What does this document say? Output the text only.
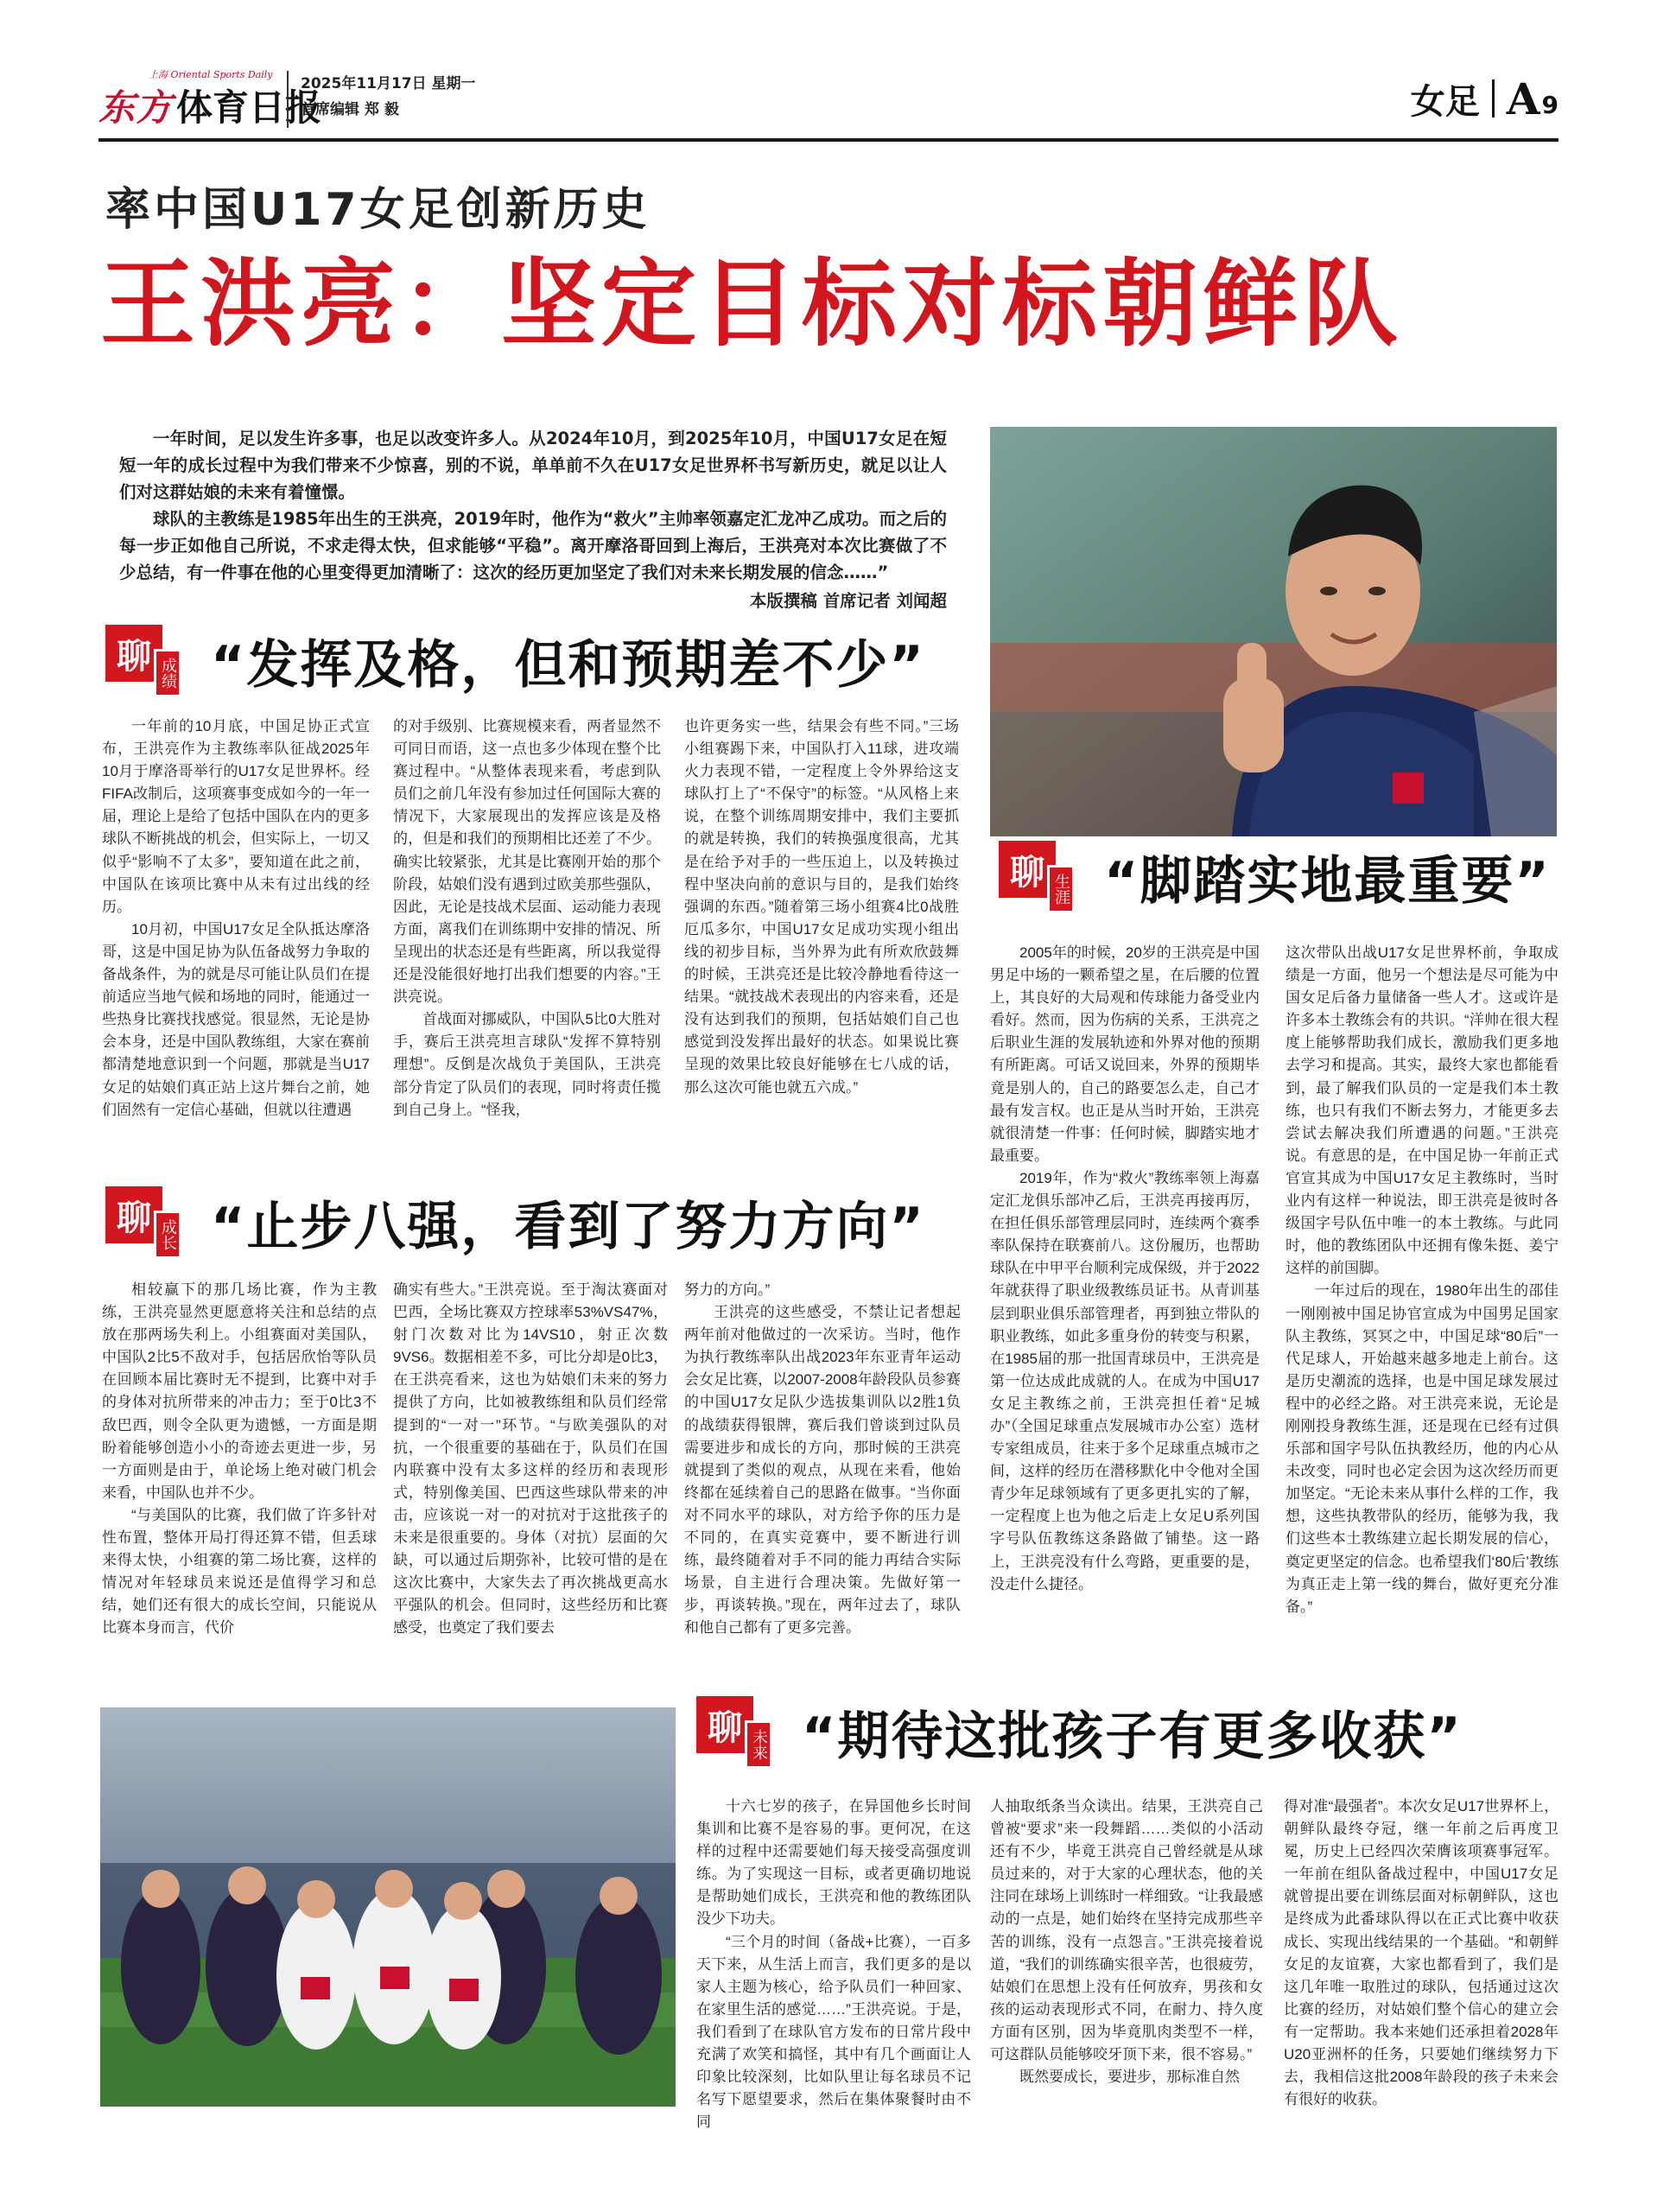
上海 Oriental Sports Daily
东方 体育日报
2025年11月17日 星期一
首席编辑 郑 毅	女足 A 9
率中国U17女足创新历史
王洪亮：坚定目标对标朝鲜队

一年时间，足以发生许多事，也足以改变许多人。从2024年10月，到2025年10月，中国U17女足在短短一年的成长过程中为我们带来不少惊喜，别的不说，单单前不久在U17女足世界杯书写新历史，就足以让人们对这群姑娘的未来有着憧憬。

球队的主教练是1985年出生的王洪亮，2019年时，他作为“救火”主帅率领嘉定汇龙冲乙成功。而之后的每一步正如他自己所说，不求走得太快，但求能够“平稳”。离开摩洛哥回到上海后，王洪亮对本次比赛做了不少总结，有一件事在他的心里变得更加清晰了：这次的经历更加坚定了我们对未来长期发展的信念……”

本版撰稿 首席记者 刘闻超
聊 成绩 “发挥及格，但和预期差不少”

一年前的10月底，中国足协正式宣布，王洪亮作为主教练率队征战2025年10月于摩洛哥举行的U17女足世界杯。经FIFA改制后，这项赛事变成如今的一年一届，理论上是给了包括中国队在内的更多球队不断挑战的机会，但实际上，一切又似乎“影响不了太多”，要知道在此之前，中国队在该项比赛中从未有过出线的经历。

10月初，中国U17女足全队抵达摩洛哥，这是中国足协为队伍备战努力争取的备战条件，为的就是尽可能让队员们在提前适应当地气候和场地的同时，能通过一些热身比赛找找感觉。很显然，无论是协会本身，还是中国队教练组，大家在赛前都清楚地意识到一个问题，那就是当U17女足的姑娘们真正站上这片舞台之前，她们固然有一定信心基础，但就以往遭遇

的对手级别、比赛规模来看，两者显然不可同日而语，这一点也多少体现在整个比赛过程中。“从整体表现来看，考虑到队员们之前几年没有参加过任何国际大赛的情况下，大家展现出的发挥应该是及格的，但是和我们的预期相比还差了不少。确实比较紧张，尤其是比赛刚开始的那个阶段，姑娘们没有遇到过欧美那些强队，因此，无论是技战术层面、运动能力表现方面，离我们在训练期中安排的情况、所呈现出的状态还是有些距离，所以我觉得还是没能很好地打出我们想要的内容。”王洪亮说。

首战面对挪威队，中国队5比0大胜对手，赛后王洪亮坦言球队“发挥不算特别理想”。反倒是次战负于美国队，王洪亮部分肯定了队员们的表现，同时将责任揽到自己身上。“怪我，

也许更务实一些，结果会有些不同。”三场小组赛踢下来，中国队打入11球，进攻端火力表现不错，一定程度上令外界给这支球队打上了“不保守”的标签。“从风格上来说，在整个训练周期安排中，我们主要抓的就是转换，我们的转换强度很高，尤其是在给予对手的一些压迫上，以及转换过程中坚决向前的意识与目的，是我们始终强调的东西。”随着第三场小组赛4比0战胜厄瓜多尔，中国U17女足成功实现小组出线的初步目标，当外界为此有所欢欣鼓舞的时候，王洪亮还是比较冷静地看待这一结果。“就技战术表现出的内容来看，还是没有达到我们的预期，包括姑娘们自己也感觉到没发挥出最好的状态。如果说比赛呈现的效果比较良好能够在七八成的话，那么这次可能也就五六成。”

聊 生涯 “脚踏实地最重要”

2005年的时候，20岁的王洪亮是中国男足中场的一颗希望之星，在后腰的位置上，其良好的大局观和传球能力备受业内看好。然而，因为伤病的关系，王洪亮之后职业生涯的发展轨迹和外界对他的预期有所距离。可话又说回来，外界的预期毕竟是别人的，自己的路要怎么走，自己才最有发言权。也正是从当时开始，王洪亮就很清楚一件事：任何时候，脚踏实地才最重要。

2019年，作为“救火”教练率领上海嘉定汇龙俱乐部冲乙后，王洪亮再接再厉，在担任俱乐部管理层同时，连续两个赛季率队保持在联赛前八。这份履历，也帮助球队在中甲平台顺利完成保级，并于2022年就获得了职业级教练员证书。从青训基层到职业俱乐部管理者，再到独立带队的职业教练，如此多重身份的转变与积累，在1985届的那一批国青球员中，王洪亮是第一位达成此成就的人。在成为中国U17女足主教练之前，王洪亮担任着“足城办”（全国足球重点发展城市办公室）选材专家组成员，往来于多个足球重点城市之间，这样的经历在潜移默化中令他对全国青少年足球领域有了更多更扎实的了解，一定程度上也为他之后走上女足U系列国字号队伍教练这条路做了铺垫。这一路上，王洪亮没有什么弯路，更重要的是，没走什么捷径。

这次带队出战U17女足世界杯前，争取成绩是一方面，他另一个想法是尽可能为中国女足后备力量储备一些人才。这或许是许多本土教练会有的共识。“洋帅在很大程度上能够帮助我们成长，激励我们更多地去学习和提高。其实，最终大家也都能看到，最了解我们队员的一定是我们本土教练，也只有我们不断去努力，才能更多去尝试去解决我们所遭遇的问题。”王洪亮说。有意思的是，在中国足协一年前正式官宣其成为中国U17女足主教练时，当时业内有这样一种说法，即王洪亮是彼时各级国字号队伍中唯一的本土教练。与此同时，他的教练团队中还拥有像朱挺、姜宁这样的前国脚。

一年过后的现在，1980年出生的邵佳一刚刚被中国足协官宣成为中国男足国家队主教练，冥冥之中，中国足球“80后”一代足球人，开始越来越多地走上前台。这是历史潮流的选择，也是中国足球发展过程中的必经之路。对王洪亮来说，无论是刚刚投身教练生涯，还是现在已经有过俱乐部和国字号队伍执教经历，他的内心从未改变，同时也必定会因为这次经历而更加坚定。“无论未来从事什么样的工作，我想，这些执教带队的经历，能够为我，我们这些本土教练建立起长期发展的信心，奠定更坚定的信念。也希望我们‘80后’教练为真正走上第一线的舞台，做好更充分准备。”

聊 成长 “止步八强，看到了努力方向”

相较赢下的那几场比赛，作为主教练，王洪亮显然更愿意将关注和总结的点放在那两场失利上。小组赛面对美国队，中国队2比5不敌对手，包括居欣怡等队员在回顾本届比赛时无不提到，比赛中对手的身体对抗所带来的冲击力；至于0比3不敌巴西，则令全队更为遗憾，一方面是期盼着能够创造小小的奇迹去更进一步，另一方面则是由于，单论场上绝对破门机会来看，中国队也并不少。

“与美国队的比赛，我们做了许多针对性布置，整体开局打得还算不错，但丢球来得太快，小组赛的第二场比赛，这样的情况对年轻球员来说还是值得学习和总结，她们还有很大的成长空间，只能说从比赛本身而言，代价

确实有些大。”王洪亮说。至于淘汰赛面对巴西，全场比赛双方控球率53%VS47%，射门次数对比为14VS10，射正次数9VS6。数据相差不多，可比分却是0比3，在王洪亮看来，这也为姑娘们未来的努力提供了方向，比如被教练组和队员们经常提到的“一对一”环节。“与欧美强队的对抗，一个很重要的基础在于，队员们在国内联赛中没有太多这样的经历和表现形式，特别像美国、巴西这些球队带来的冲击，应该说一对一的对抗对于这批孩子的未来是很重要的。身体（对抗）层面的欠缺，可以通过后期弥补，比较可惜的是在这次比赛中，大家失去了再次挑战更高水平强队的机会。但同时，这些经历和比赛感受，也奠定了我们要去

努力的方向。”

王洪亮的这些感受，不禁让记者想起两年前对他做过的一次采访。当时，他作为执行教练率队出战2023年东亚青年运动会女足比赛，以2007-2008年龄段队员参赛的中国U17女足队少选拔集训队以2胜1负的战绩获得银牌，赛后我们曾谈到过队员需要进步和成长的方向，那时候的王洪亮就提到了类似的观点，从现在来看，他始终都在延续着自己的思路在做事。“当你面对不同水平的球队，对方给予你的压力是不同的，在真实竞赛中，要不断进行训练，最终随着对手不同的能力再结合实际场景，自主进行合理决策。先做好第一步，再谈转换。”现在，两年过去了，球队和他自己都有了更多完善。

聊 未来 “期待这批孩子有更多收获”

十六七岁的孩子，在异国他乡长时间集训和比赛不是容易的事。更何况，在这样的过程中还需要她们每天接受高强度训练。为了实现这一目标，或者更确切地说是帮助她们成长，王洪亮和他的教练团队没少下功夫。

“三个月的时间（备战+比赛），一百多天下来，从生活上而言，我们更多的是以家人主题为核心，给予队员们一种回家、在家里生活的感觉……”王洪亮说。于是，我们看到了在球队官方发布的日常片段中充满了欢笑和搞怪，其中有几个画面让人印象比较深刻，比如队里让每名球员不记名写下愿望要求，然后在集体聚餐时由不同

人抽取纸条当众读出。结果，王洪亮自己曾被“要求”来一段舞蹈……类似的小活动还有不少，毕竟王洪亮自己曾经就是从球员过来的，对于大家的心理状态，他的关注同在球场上训练时一样细致。“让我最感动的一点是，她们始终在坚持完成那些辛苦的训练，没有一点怨言。”王洪亮接着说道，“我们的训练确实很辛苦，也很疲劳，姑娘们在思想上没有任何放弃，男孩和女孩的运动表现形式不同，在耐力、持久度方面有区别，因为毕竟肌肉类型不一样，可这群队员能够咬牙顶下来，很不容易。”

既然要成长，要进步，那标准自然

得对准“最强者”。本次女足U17世界杯上，朝鲜队最终夺冠，继一年前之后再度卫冕，历史上已经四次荣膺该项赛事冠军。一年前在组队备战过程中，中国U17女足就曾提出要在训练层面对标朝鲜队，这也是终成为此番球队得以在正式比赛中收获成长、实现出线结果的一个基础。“和朝鲜女足的友谊赛，大家也都看到了，我们是这几年唯一取胜过的球队，包括通过这次比赛的经历，对姑娘们整个信心的建立会有一定帮助。我本来她们还承担着2028年U20亚洲杯的任务，只要她们继续努力下去，我相信这批2008年龄段的孩子未来会有很好的收获。
